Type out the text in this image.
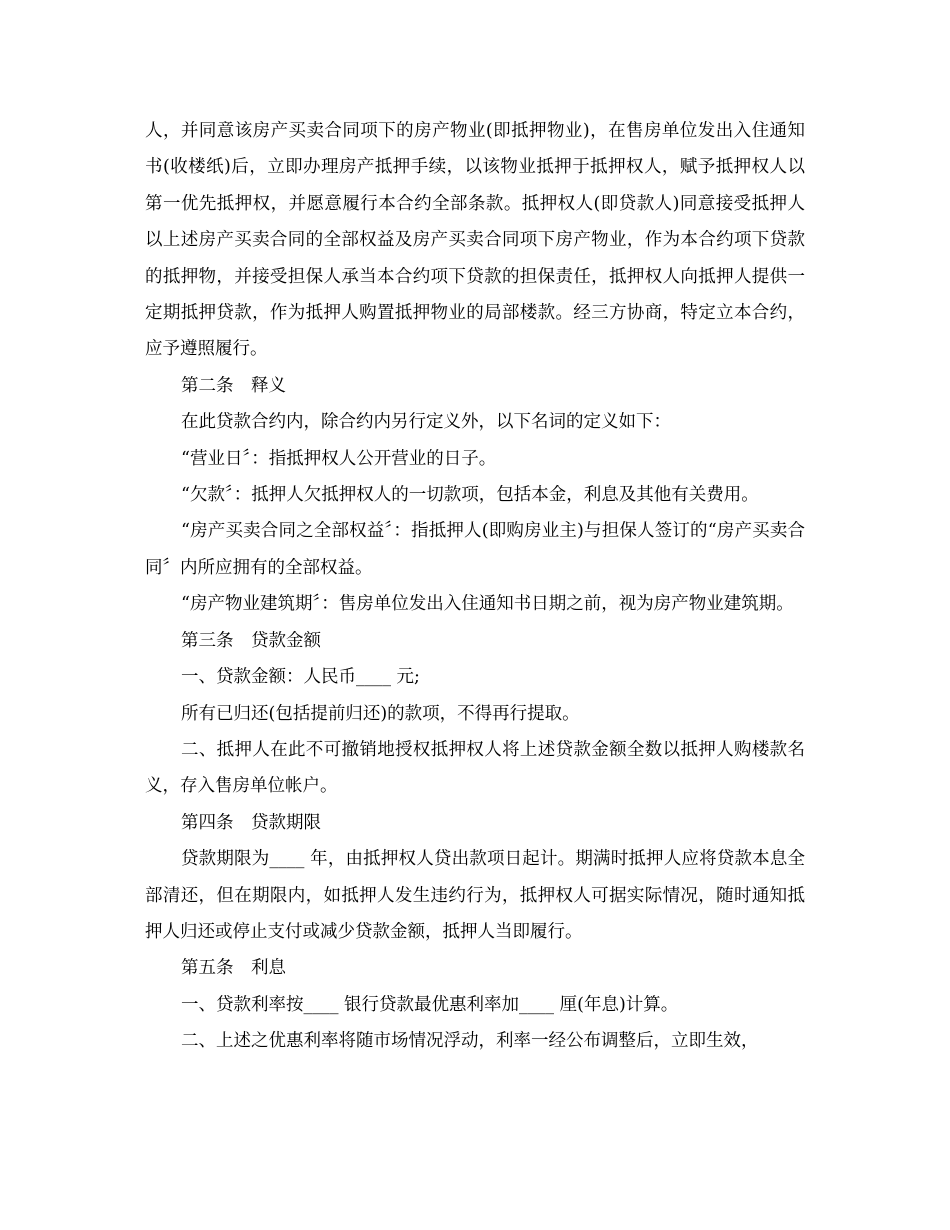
人，并同意该房产买卖合同项下的房产物业(即抵押物业)，在售房单位发出入住通知书(收楼纸)后，立即办理房产抵押手续，以该物业抵押于抵押权人，赋予抵押权人以第一优先抵押权，并愿意履行本合约全部条款。抵押权人(即贷款人)同意接受抵押人以上述房产买卖合同的全部权益及房产买卖合同项下房产物业，作为本合约项下贷款的抵押物，并接受担保人承当本合约项下贷款的担保责任，抵押权人向抵押人提供一定期抵押贷款，作为抵押人购置抵押物业的局部楼款。经三方协商，特定立本合约，应予遵照履行。

第二条　释义

在此贷款合约内，除合约内另行定义外，以下名词的定义如下：

“营业日〞：指抵押权人公开营业的日子。

“欠款〞：抵押人欠抵押权人的一切款项，包括本金，利息及其他有关费用。

“房产买卖合同之全部权益〞：指抵押人(即购房业主)与担保人签订的“房产买卖合同〞内所应拥有的全部权益。

“房产物业建筑期〞：售房单位发出入住通知书日期之前，视为房产物业建筑期。

第三条　贷款金额

一、贷款金额：人民币____ 元;

所有已归还(包括提前归还)的款项，不得再行提取。

二、抵押人在此不可撤销地授权抵押权人将上述贷款金额全数以抵押人购楼款名义，存入售房单位帐户。

第四条　贷款期限

贷款期限为____ 年，由抵押权人贷出款项日起计。期满时抵押人应将贷款本息全部清还，但在期限内，如抵押人发生违约行为，抵押权人可据实际情况，随时通知抵押人归还或停止支付或减少贷款金额，抵押人当即履行。

第五条　利息

一、贷款利率按____ 银行贷款最优惠利率加____ 厘(年息)计算。

二、上述之优惠利率将随市场情况浮动，利率一经公布调整后，立即生效，
